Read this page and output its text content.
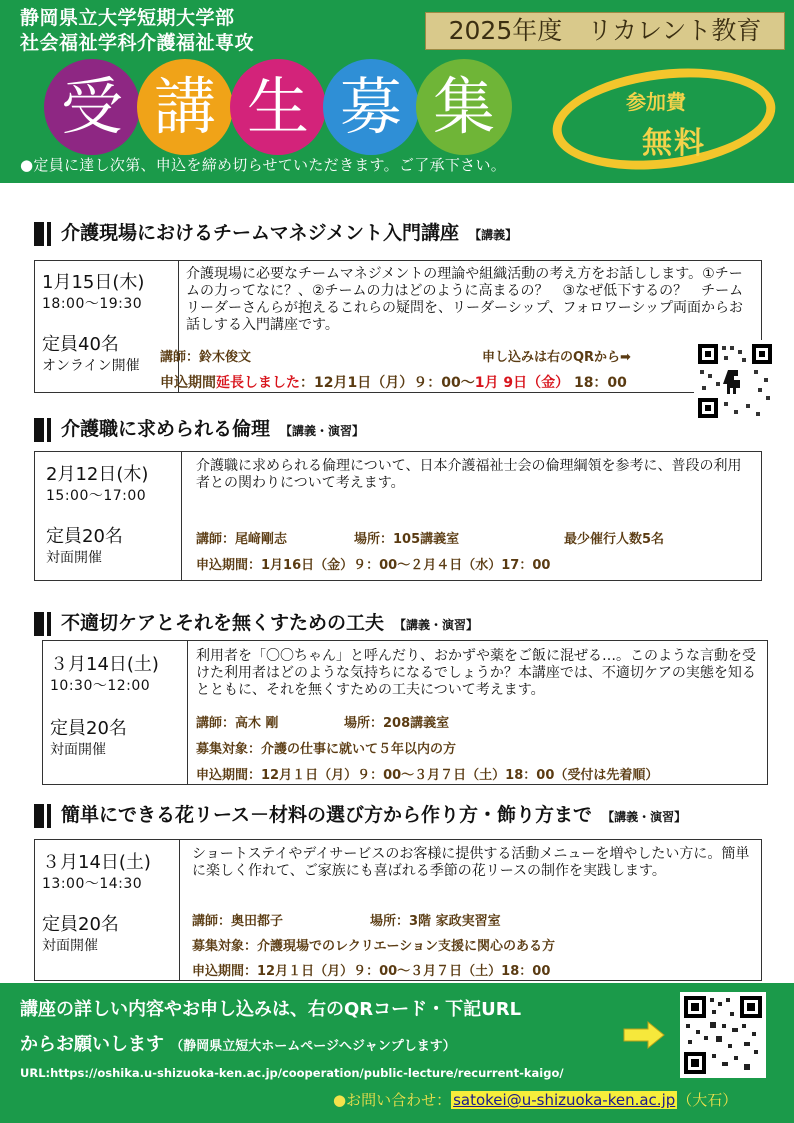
静岡県立大学短期大学部
社会福祉学科介護福祉専攻	2025年度　リカレント教育
受 講 生 募 集	参加費
無料
●定員に達し次第、申込を締め切らせていただきます。ご了承下さい。
介護現場におけるチームマネジメント入門講座 【講義】
1月15日(木)
18:00～19:30
定員40名
オンライン開催
介護現場に必要なチームマネジメントの理論や組織活動の考え方をお話しします。①チームの力ってなに？、②チームの力はどのように高まるの？　③なぜ低下するの？　チームリーダーさんらが抱えるこれらの疑問を、リーダーシップ、フォロワーシップ両面からお話しする入門講座です。
講師：鈴木俊文	申し込みは右のQRから➡
申込期間延長しました：12月1日（月）９：00～1月 9日（金） 18：00
介護職に求められる倫理 【講義・演習】
2月12日(木)
15:00～17:00
定員20名
対面開催
介護職に求められる倫理について、日本介護福祉士会の倫理綱領を参考に、普段の利用者との関わりについて考えます。
講師：尾﨑剛志	場所：105講義室	最少催行人数5名
申込期間：1月16日（金）９：00～２月４日（水）17：00
不適切ケアとそれを無くすための工夫 【講義・演習】
３月14日(土)
10:30～12:00
定員20名
対面開催
利用者を「〇〇ちゃん」と呼んだり、おかずや薬をご飯に混ぜる…。このような言動を受けた利用者はどのような気持ちになるでしょうか？本講座では、不適切ケアの実態を知るとともに、それを無くすための工夫について考えます。
講師：高木 剛	場所：208講義室
募集対象：介護の仕事に就いて５年以内の方
申込期間：12月１日（月）９：00～３月７日（土）18：00（受付は先着順）
簡単にできる花リース－材料の選び方から作り方・飾り方まで 【講義・演習】
３月14日(土)
13:00～14:30
定員20名
対面開催
ショートステイやデイサービスのお客様に提供する活動メニューを増やしたい方に。簡単に楽しく作れて、ご家族にも喜ばれる季節の花リースの制作を実践します。
講師：奥田都子	場所：3階 家政実習室
募集対象：介護現場でのレクリエーション支援に関心のある方
申込期間：12月１日（月）９：00～３月７日（土）18：00
講座の詳しい内容やお申し込みは、右のQRコード・下記URL
からお願いします （静岡県立短大ホームページへジャンプします）
URL:https://oshika.u-shizuoka-ken.ac.jp/cooperation/public-lecture/recurrent-kaigo/
●お問い合わせ： satokei@u-shizuoka-ken.ac.jp （大石）
